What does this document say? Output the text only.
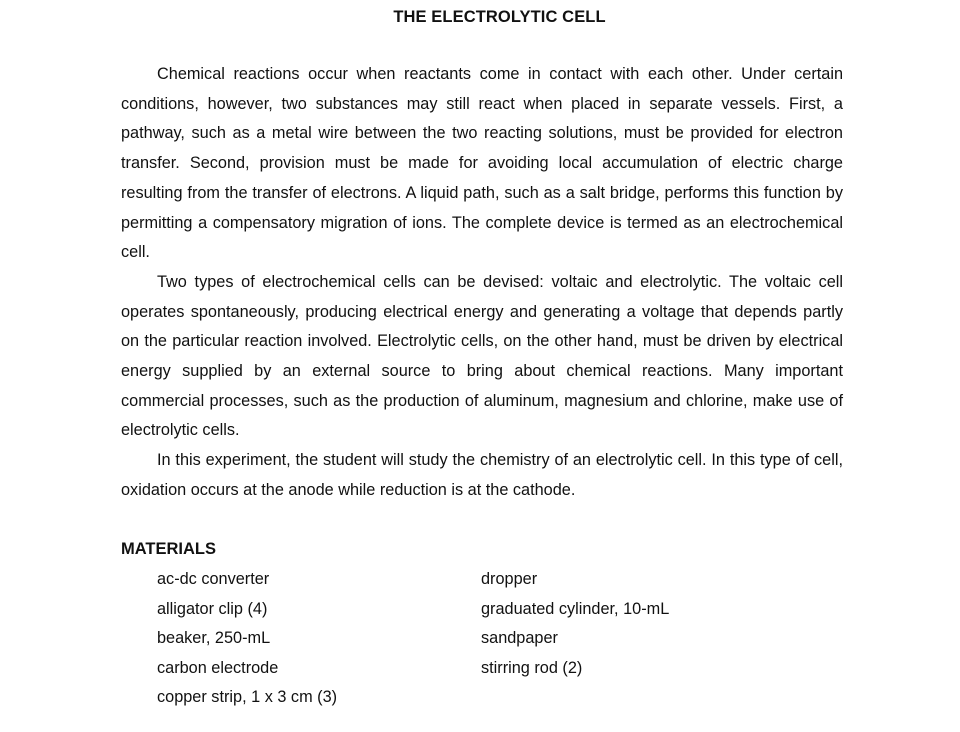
THE ELECTROLYTIC CELL

Chemical reactions occur when reactants come in contact with each other. Under certain conditions, however, two substances may still react when placed in separate vessels. First, a pathway, such as a metal wire between the two reacting solutions, must be provided for electron transfer. Second, provision must be made for avoiding local accumulation of electric charge resulting from the transfer of electrons. A liquid path, such as a salt bridge, performs this function by permitting a compensatory migration of ions. The complete device is termed as an electrochemical cell.

Two types of electrochemical cells can be devised: voltaic and electrolytic. The voltaic cell operates spontaneously, producing electrical energy and generating a voltage that depends partly on the particular reaction involved. Electrolytic cells, on the other hand, must be driven by electrical energy supplied by an external source to bring about chemical reactions. Many important commercial processes, such as the production of aluminum, magnesium and chlorine, make use of electrolytic cells.

In this experiment, the student will study the chemistry of an electrolytic cell. In this type of cell, oxidation occurs at the anode while reduction is at the cathode.

MATERIALS
ac-dc converter
alligator clip (4)
beaker, 250-mL
carbon electrode
copper strip, 1 x 3 cm (3)
dropper
graduated cylinder, 10-mL
sandpaper
stirring rod (2)
